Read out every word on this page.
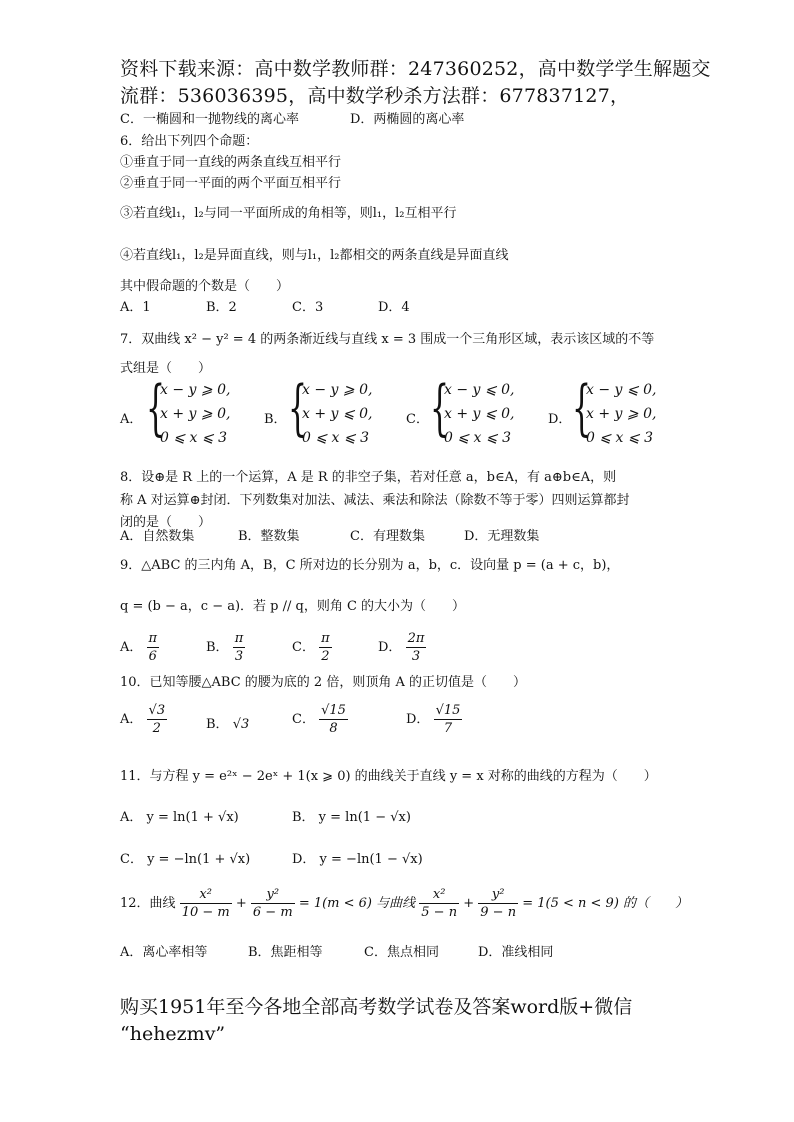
资料下载来源：高中数学教师群：247360252，高中数学学生解题交
流群：536036395，高中数学秒杀方法群：677837127，
C．一椭圆和一抛物线的离心率	D．两椭圆的离心率
6．给出下列四个命题：
①垂直于同一直线的两条直线互相平行
②垂直于同一平面的两个平面互相平行
③若直线l₁，l₂与同一平面所成的角相等，则l₁，l₂互相平行
④若直线l₁，l₂是异面直线，则与l₁，l₂都相交的两条直线是异面直线
其中假命题的个数是（　　）
A．1	B．2	C．3	D．4
7．双曲线 x² − y² = 4 的两条渐近线与直线 x = 3 围成一个三角形区域，表示该区域的不等
式组是（　　）
A． {
x − y ⩾ 0,
x + y ⩾ 0,
0 ⩽ x ⩽ 3
B． {
x − y ⩾ 0,
x + y ⩽ 0,
0 ⩽ x ⩽ 3
C． {
x − y ⩽ 0,
x + y ⩽ 0,
0 ⩽ x ⩽ 3
D． {
x − y ⩽ 0,
x + y ⩾ 0,
0 ⩽ x ⩽ 3
8．设⊕是 R 上的一个运算，A 是 R 的非空子集，若对任意 a，b∈A，有 a⊕b∈A，则
称 A 对运算⊕封闭．下列数集对加法、减法、乘法和除法（除数不等于零）四则运算都封
闭的是（　　）
A．自然数集	B．整数集	C．有理数集	D．无理数集
9．△ABC 的三内角 A，B，C 所对边的长分别为 a，b，c．设向量 p = (a + c，b)，
q = (b − a，c − a)．若 p // q，则角 C 的大小为（　　）
A． $\frac{\pi}{6}$	B． $\frac{\pi}{3}$	C． $\frac{\pi}{2}$	D． $\frac{2\pi}{3}$
10．已知等腰△ABC 的腰为底的 2 倍，则顶角 A 的正切值是（　　）
A． $\frac{√3}{2}$	B． √3	C． $\frac{√15}{8}$	D． $\frac{√15}{7}$
11．与方程 y = e²ˣ − 2eˣ + 1(x ⩾ 0) 的曲线关于直线 y = x 对称的曲线的方程为（　　）
A． y = ln(1 + √x)	B． y = ln(1 − √x)
C． y = −ln(1 + √x)	D． y = −ln(1 − √x)
12．曲线 $\frac{\text{x²}}{10 - m} + \frac{\text{y²}}{6 - m} = 1(m < 6)$ 与曲线 $\frac{\text{x²}}{5 - n} + \frac{\text{y²}}{9 - n} = 1(5 < n < 9)$ 的（　　）
A．离心率相等	B．焦距相等	C．焦点相同	D．准线相同
购买1951年至今各地全部高考数学试卷及答案word版+微信
“hehezmv”
